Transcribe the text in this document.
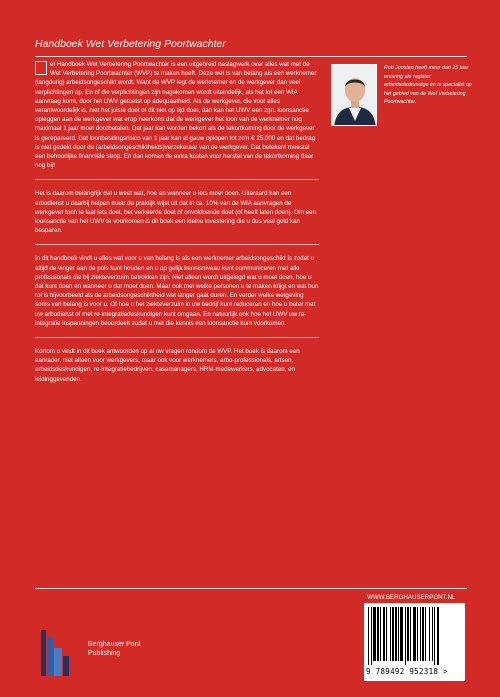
Handboek Wet Verbetering Poortwachter

et Handboek Wet Verbetering Poortwachter is een uitgebreid naslagwerk over alles wat met de Wet Verbetering Poortwachter (WVP) te maken heeft. Deze wet is van belang als een werknemer (langdurig) arbeidsongeschikt wordt. Want de WVP legt de werknemer en de werkgever dan veel verplichtingen op. En of die verplichtingen zijn nagekomen wordt uiteindelijk, als het tot een WIA aanvraag komt, door het UWV getoetst op adequaatheid. Als de werkgever, die voor alles verantwoordelijk is, niet het juiste doet of dit niet op tijd doet, dan kan het UWV een zgn. loonsanctie opleggen aan de werkgever wat erop neerkomt dat de werkgever het loon van de werknemer nog maximaal 1 jaar moet doorbetalen. Dat jaar kan worden bekort als de tekortkoming door de werkgever is gerepareerd. Dat loonbetalingsrisico van 1 jaar kan al gauw oplopen tot zo'n € 25.000 en dat bedrag is niet gedekt door de (arbeidsongeschiktheids)verzekeraar van de werkgever. Dat betekent meestal een behoorlijke financiële strop. En dan komen de extra kosten voor herstel van de tekortkoming daar nog bij!

Het is daarom belangrijk dat u weet wat, hoe en wanneer u iets moet doen. Uiteraard kan een arbodienst u daarbij helpen maar de praktijk wijst uit dat in ca. 10% van de WIA aanvragen de werkgever toch te laat iets doet, het verkeerde doet of onvoldoende doet (of heeft laten doen). Om een loonsanctie van het UWV te voorkomen is dit boek een kleine investering die u dus veel geld kan besparen.

In dit handboek vindt u alles wat voor u van belang is als een werknemer arbeidsongeschikt is zodat u altijd de vinger aan de pols kunt houden en u op gelijk kennisniveau kunt communiceren met alle professionals die bij ziekteverzuim betrokken zijn. Niet alleen wordt uitgelegd wat u moet doen, hoe u dat kunt doen en wanneer u dat moet doen. Maar ook met welke personen u te maken krijgt en wat hun rol is bijvoorbeeld als de arbeidsongeschiktheid wat langer gaat duren. En verder welke wetgeving soms van belang is voor u. Of hoe u het ziekteverzuim in uw bedrijf kunt reduceren en hoe u beter met uw arbodienst of met re-integratiedeskundigen kunt omgaan. En natuurlijk ook hoe het UWV uw re-integratie inspanningen beoordeelt zodat u met die kennis een loonsanctie kunt voorkomen.

Kortom u vindt in dit boek antwoorden op al uw vragen rondom de WVP. Het boek is daarom een aanrader, niet alleen voor werkgevers, maar ook voor werknemers, arbo-professionals, artsen, arbeidsdeskundigen, re-integratiebedrijven, casemanagers, HRM-medewerkers, advocaten, en leidinggevenden.

Rob Joosten heeft meer dan 15 jaar ervaring als register arbeidsdeskundige en is specialist op het gebied van de Wet Verbetering Poortwachter.
WWW.BERGHAUSERPONT.NL
Berghauser Pont
Publishing
9 789492 952318 >
